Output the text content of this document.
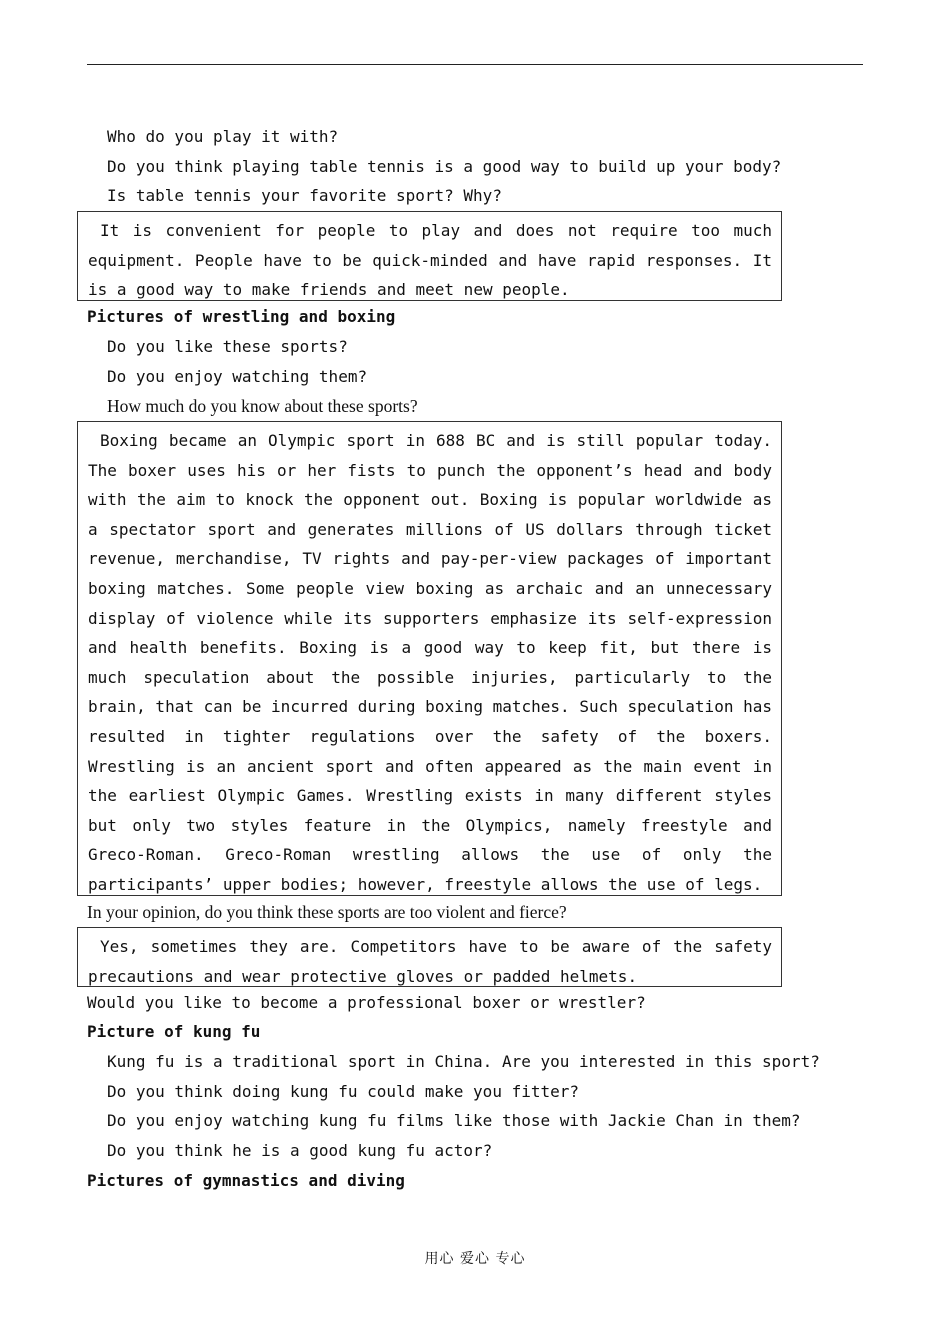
Who do you play it with?
Do you think playing table tennis is a good way to build up your body?
Is table tennis your favorite sport? Why?

It is convenient for people to play and does not require too much equipment. People have to be quick-minded and have rapid responses. It is a good way to make friends and meet new people.

Pictures of wrestling and boxing
Do you like these sports?
Do you enjoy watching them?
How much do you know about these sports?

Boxing became an Olympic sport in 688 BC and is still popular today. The boxer uses his or her fists to punch the opponent’s head and body with the aim to knock the opponent out. Boxing is popular worldwide as a spectator sport and generates millions of US dollars through ticket revenue, merchandise, TV rights and pay-per-view packages of important boxing matches. Some people view boxing as archaic and an unnecessary display of violence while its supporters emphasize its self-expression and health benefits. Boxing is a good way to keep fit, but there is much speculation about the possible injuries, particularly to the brain, that can be incurred during boxing matches. Such speculation has resulted in tighter regulations over the safety of the boxers. Wrestling is an ancient sport and often appeared as the main event in the earliest Olympic Games. Wrestling exists in many different styles but only two styles feature in the Olympics, namely freestyle and Greco-Roman. Greco-Roman wrestling allows the use of only the participants’ upper bodies; however, freestyle allows the use of legs.

In your opinion, do you think these sports are too violent and fierce?

Yes, sometimes they are. Competitors have to be aware of the safety precautions and wear protective gloves or padded helmets.

Would you like to become a professional boxer or wrestler?
Picture of kung fu
Kung fu is a traditional sport in China. Are you interested in this sport?
Do you think doing kung fu could make you fitter?
Do you enjoy watching kung fu films like those with Jackie Chan in them?
Do you think he is a good kung fu actor?
Pictures of gymnastics and diving
用心 爱心 专心
